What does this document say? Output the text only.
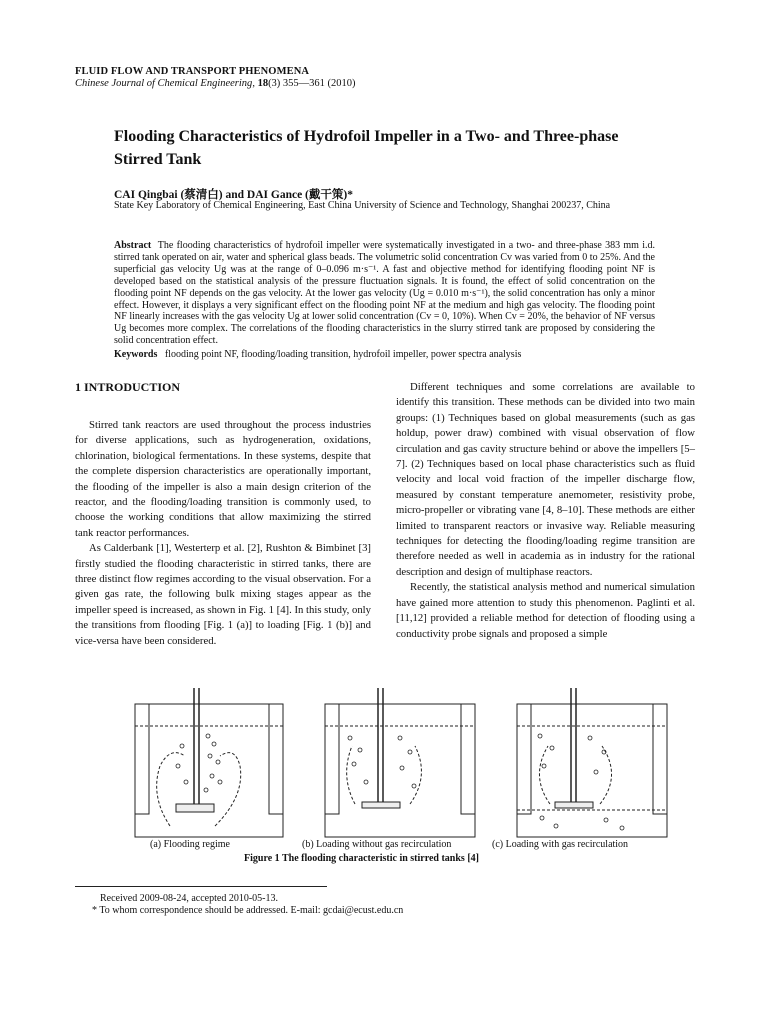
FLUID FLOW AND TRANSPORT PHENOMENA
Chinese Journal of Chemical Engineering, 18(3) 355—361 (2010)
Flooding Characteristics of Hydrofoil Impeller in a Two- and Three-phase Stirred Tank
CAI Qingbai (蔡清白) and DAI Gance (戴干策)*
State Key Laboratory of Chemical Engineering, East China University of Science and Technology, Shanghai 200237, China
Abstract The flooding characteristics of hydrofoil impeller were systematically investigated in a two- and three-phase 383 mm i.d. stirred tank operated on air, water and spherical glass beads. The volumetric solid concentration Cv was varied from 0 to 25%. And the superficial gas velocity Ug was at the range of 0–0.096 m·s⁻¹. A fast and objective method for identifying flooding point NF is developed based on the statistical analysis of the pressure fluctuation signals. It is found, the effect of solid concentration on the flooding point NF depends on the gas velocity. At the lower gas velocity (Ug = 0.010 m·s⁻¹), the solid concentration has only a minor effect. However, it displays a very significant effect on the flooding point NF at the medium and high gas velocity. The flooding point NF linearly increases with the gas velocity Ug at lower solid concentration (Cv = 0, 10%). When Cv = 20%, the behavior of NF versus Ug becomes more complex. The correlations of the flooding characteristics in the slurry stirred tank are proposed by considering the solid concentration effect.
Keywords flooding point NF, flooding/loading transition, hydrofoil impeller, power spectra analysis
1 INTRODUCTION

Stirred tank reactors are used throughout the process industries for diverse applications, such as hydrogeneration, oxidations, chlorination, biological fermentations. In these systems, despite that the complete dispersion characteristics are operationally important, the flooding of the impeller is also a main design criterion of the reactor, and the flooding/loading transition is commonly used, to choose the working conditions that allow maximizing the stirred tank reactor performances.

As Calderbank [1], Westerterp et al. [2], Rushton & Bimbinet [3] firstly studied the flooding characteristic in stirred tanks, there are three distinct flow regimes according to the visual observation. For a given gas rate, the following bulk mixing stages appear as the impeller speed is increased, as shown in Fig. 1 [4]. In this study, only the transitions from flooding [Fig. 1 (a)] to loading [Fig. 1 (b)] and vice-versa have been considered.

Different techniques and some correlations are available to identify this transition. These methods can be divided into two main groups: (1) Techniques based on global measurements (such as gas holdup, power draw) combined with visual observation of flow circulation and gas cavity structure behind or above the impellers [5–7]. (2) Techniques based on local phase characteristics such as fluid velocity and local void fraction of the impeller discharge flow, measured by constant temperature anemometer, resistivity probe, micro-propeller or vibrating vane [4, 8–10]. These methods are either limited to transparent reactors or invasive way. Reliable measuring techniques for detecting the flooding/loading regime transition are therefore needed as well in academia as in industry for the rational description and design of multiphase reactors.

Recently, the statistical analysis method and numerical simulation have gained more attention to study this phenomenon. Paglinti et al. [11,12] provided a reliable method for detection of flooding using a conductivity probe signals and proposed a simple

(a) Flooding regime	(b) Loading without gas recirculation	(c) Loading with gas recirculation
Figure 1 The flooding characteristic in stirred tanks [4]
Received 2009-08-24, accepted 2010-05-13.
* To whom correspondence should be addressed. E-mail: gcdai@ecust.edu.cn
